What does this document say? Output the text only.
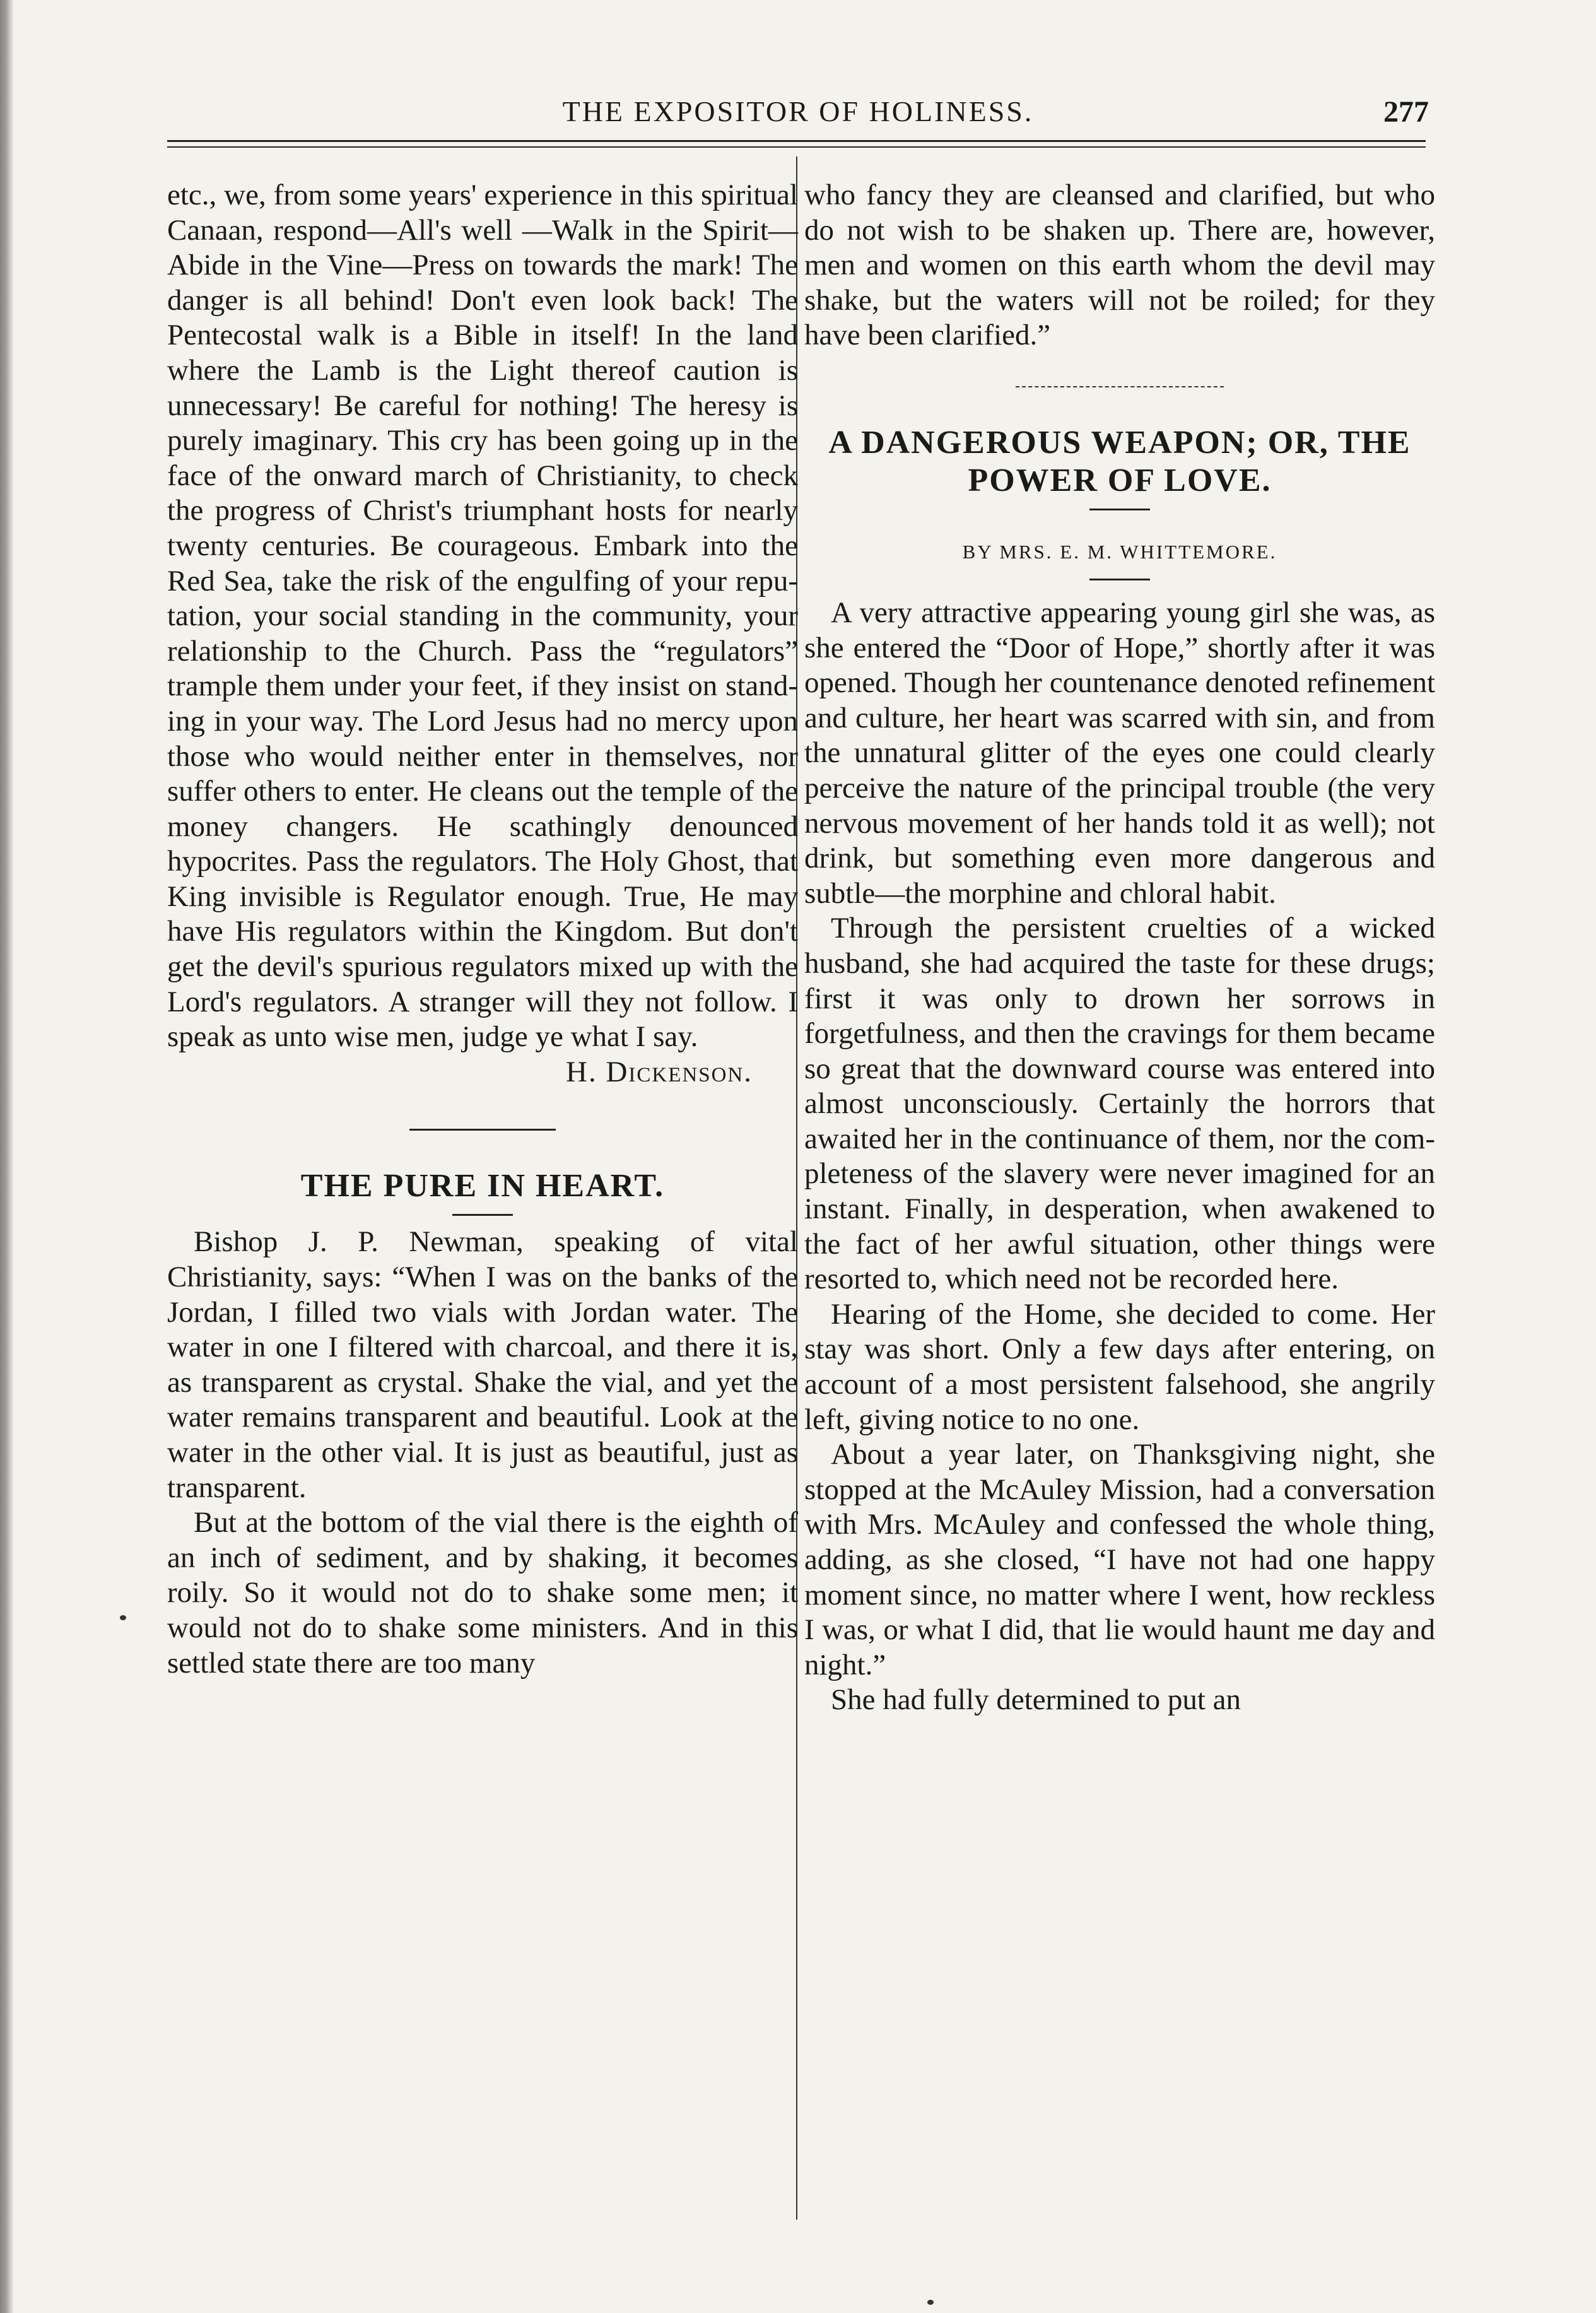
THE EXPOSITOR OF HOLINESS.	277

etc., we, from some years' experience in this spiritual Canaan, respond—All's well —Walk in the Spirit—Abide in the Vine—Press on towards the mark! The danger is all behind! Don't even look back! The Pentecostal walk is a Bible in itself! In the land where the Lamb is the Light thereof caution is unnecessary! Be careful for nothing! The heresy is purely imaginary. This cry has been going up in the face of the onward march of Christianity, to check the progress of Christ's triumphant hosts for nearly twenty centuries. Be courageous. Embark into the Red Sea, take the risk of the engulfing of your reputation, your social standing in the community, your relationship to the Church. Pass the “regulators” trample them under your feet, if they insist on standing in your way. The Lord Jesus had no mercy upon those who would neither enter in themselves, nor suffer others to enter. He cleans out the temple of the money changers. He scathingly denounced hypocrites. Pass the regulators. The Holy Ghost, that King invisible is Regulator enough. True, He may have His regulators within the Kingdom. But don't get the devil's spurious regulators mixed up with the Lord's regulators. A stranger will they not follow. I speak as unto wise men, judge ye what I say.

H. Dickenson.

THE PURE IN HEART.

Bishop J. P. Newman, speaking of vital Christianity, says: “When I was on the banks of the Jordan, I filled two vials with Jordan water. The water in one I filtered with charcoal, and there it is, as transparent as crystal. Shake the vial, and yet the water remains transparent and beautiful. Look at the water in the other vial. It is just as beautiful, just as transparent.

But at the bottom of the vial there is the eighth of an inch of sediment, and by shaking, it becomes roily. So it would not do to shake some men; it would not do to shake some ministers. And in this settled state there are too many

who fancy they are cleansed and clarified, but who do not wish to be shaken up. There are, however, men and women on this earth whom the devil may shake, but the waters will not be roiled; for they have been clarified.”

A DANGEROUS WEAPON; OR, THE POWER OF LOVE.

BY MRS. E. M. WHITTEMORE.

A very attractive appearing young girl she was, as she entered the “Door of Hope,” shortly after it was opened. Though her countenance denoted refinement and culture, her heart was scarred with sin, and from the unnatural glitter of the eyes one could clearly perceive the nature of the principal trouble (the very nervous movement of her hands told it as well); not drink, but something even more dangerous and subtle—the morphine and chloral habit.

Through the persistent cruelties of a wicked husband, she had acquired the taste for these drugs; first it was only to drown her sorrows in forgetfulness, and then the cravings for them became so great that the downward course was entered into almost unconsciously. Certainly the horrors that awaited her in the continuance of them, nor the completeness of the slavery were never imagined for an instant. Finally, in desperation, when awakened to the fact of her awful situation, other things were resorted to, which need not be recorded here.

Hearing of the Home, she decided to come. Her stay was short. Only a few days after entering, on account of a most persistent falsehood, she angrily left, giving notice to no one.

About a year later, on Thanksgiving night, she stopped at the McAuley Mission, had a conversation with Mrs. McAuley and confessed the whole thing, adding, as she closed, “I have not had one happy moment since, no matter where I went, how reckless I was, or what I did, that lie would haunt me day and night.”

She had fully determined to put an
